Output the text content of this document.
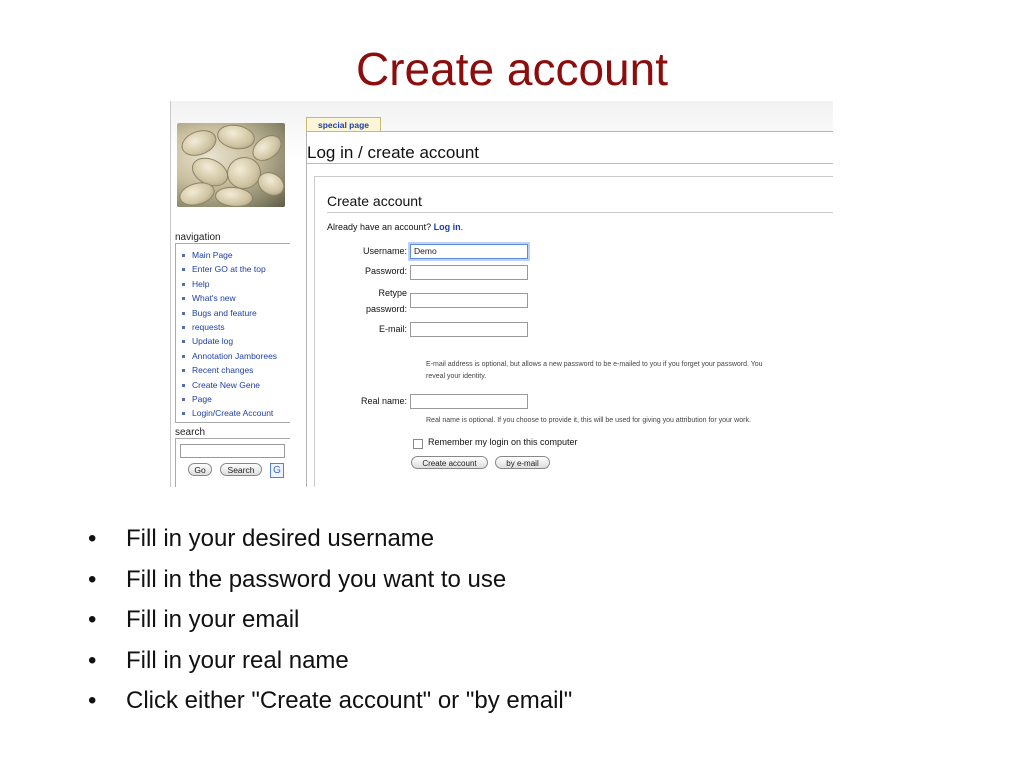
Create account
navigation
Main Page
Enter GO at the top
Help
What's new
Bugs and feature
requests
Update log
Annotation Jamborees
Recent changes
Create New Gene
Page
Login/Create Account
search
Go	Search	G
special page
Log in / create account
Create account
Already have an account? Log in.
Username:
Demo
Password:
Retype
password:
E-mail:
E-mail address is optional, but allows a new password to be e-mailed to you if you forget your password. You
reveal your identity.
Real name:
Real name is optional. If you choose to provide it, this will be used for giving you attribution for your work.
Remember my login on this computer
Create account	by e-mail
• Fill in your desired username
• Fill in the password you want to use
• Fill in your email
• Fill in your real name
• Click either "Create account" or "by email"
